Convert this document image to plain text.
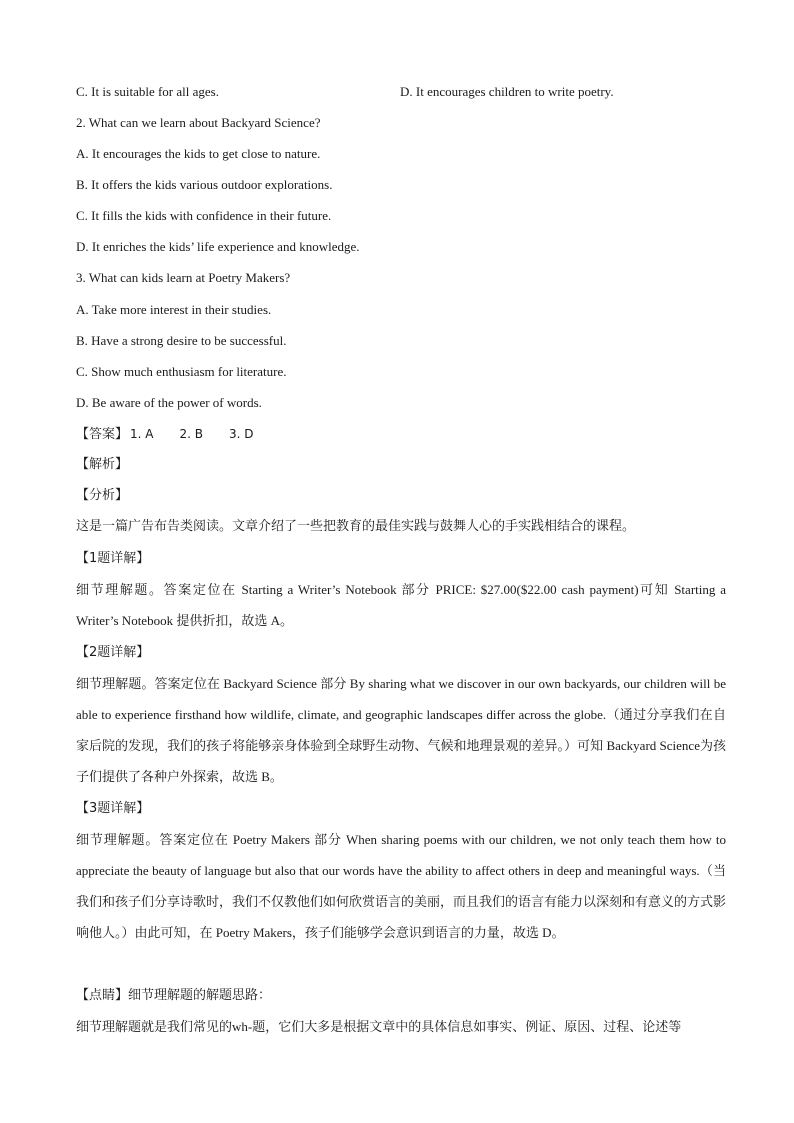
C. It is suitable for all ages.	D. It encourages children to write poetry.
2. What can we learn about Backyard Science?
A. It encourages the kids to get close to nature.
B. It offers the kids various outdoor explorations.
C. It fills the kids with confidence in their future.
D. It enriches the kids’ life experience and knowledge.
3. What can kids learn at Poetry Makers?
A. Take more interest in their studies.
B. Have a strong desire to be successful.
C. Show much enthusiasm for literature.
D. Be aware of the power of words.
【答案】 1. A 2. B 3. D
【解析】
【分析】
这是一篇广告布告类阅读。文章介绍了一些把教育的最佳实践与鼓舞人心的手实践相结合的课程。
【1题详解】
细节理解题。答案定位在 Starting a Writer’s Notebook 部分 PRICE: $27.00($22.00 cash payment)可知 Starting a Writer’s Notebook 提供折扣，故选 A。
【2题详解】
细节理解题。答案定位在 Backyard Science 部分 By sharing what we discover in our own backyards, our children will be able to experience firsthand how wildlife, climate, and geographic landscapes differ across the globe.（通过分享我们在自家后院的发现，我们的孩子将能够亲身体验到全球野生动物、气候和地理景观的差异。）可知 Backyard Science为孩子们提供了各种户外探索，故选 B。
【3题详解】
细节理解题。答案定位在 Poetry Makers 部分 When sharing poems with our children, we not only teach them how to appreciate the beauty of language but also that our words have the ability to affect others in deep and meaningful ways.（当我们和孩子们分享诗歌时，我们不仅教他们如何欣赏语言的美丽，而且我们的语言有能力以深刻和有意义的方式影响他人。）由此可知，在 Poetry Makers，孩子们能够学会意识到语言的力量，故选 D。
【点睛】细节理解题的解题思路：
细节理解题就是我们常见的wh-题，它们大多是根据文章中的具体信息如事实、例证、原因、过程、论述等
